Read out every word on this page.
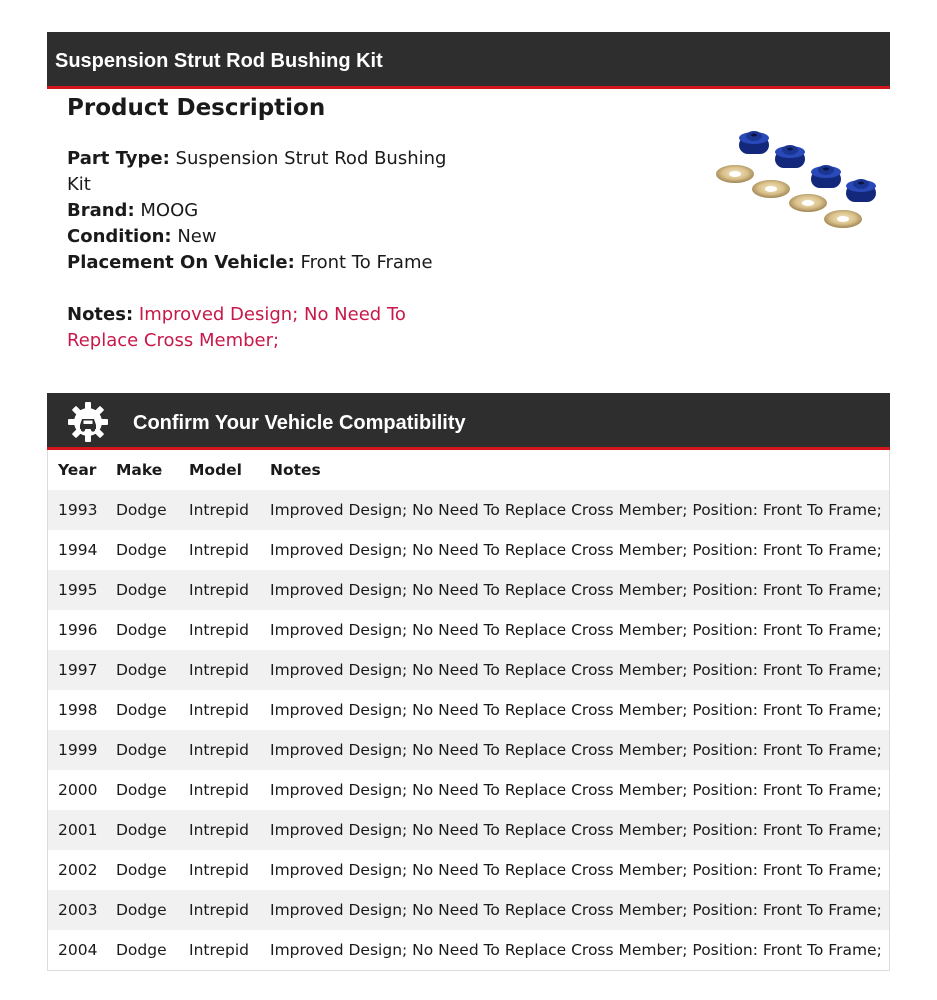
Suspension Strut Rod Bushing Kit
Product Description
Part Type: Suspension Strut Rod Bushing Kit
Brand: MOOG
Condition: New
Placement On Vehicle: Front To Frame
Notes: Improved Design; No Need To Replace Cross Member;
Confirm Your Vehicle Compatibility
Year	Make	Model	Notes
1993	Dodge	Intrepid	Improved Design; No Need To Replace Cross Member; Position: Front To Frame;
1994	Dodge	Intrepid	Improved Design; No Need To Replace Cross Member; Position: Front To Frame;
1995	Dodge	Intrepid	Improved Design; No Need To Replace Cross Member; Position: Front To Frame;
1996	Dodge	Intrepid	Improved Design; No Need To Replace Cross Member; Position: Front To Frame;
1997	Dodge	Intrepid	Improved Design; No Need To Replace Cross Member; Position: Front To Frame;
1998	Dodge	Intrepid	Improved Design; No Need To Replace Cross Member; Position: Front To Frame;
1999	Dodge	Intrepid	Improved Design; No Need To Replace Cross Member; Position: Front To Frame;
2000	Dodge	Intrepid	Improved Design; No Need To Replace Cross Member; Position: Front To Frame;
2001	Dodge	Intrepid	Improved Design; No Need To Replace Cross Member; Position: Front To Frame;
2002	Dodge	Intrepid	Improved Design; No Need To Replace Cross Member; Position: Front To Frame;
2003	Dodge	Intrepid	Improved Design; No Need To Replace Cross Member; Position: Front To Frame;
2004	Dodge	Intrepid	Improved Design; No Need To Replace Cross Member; Position: Front To Frame;
